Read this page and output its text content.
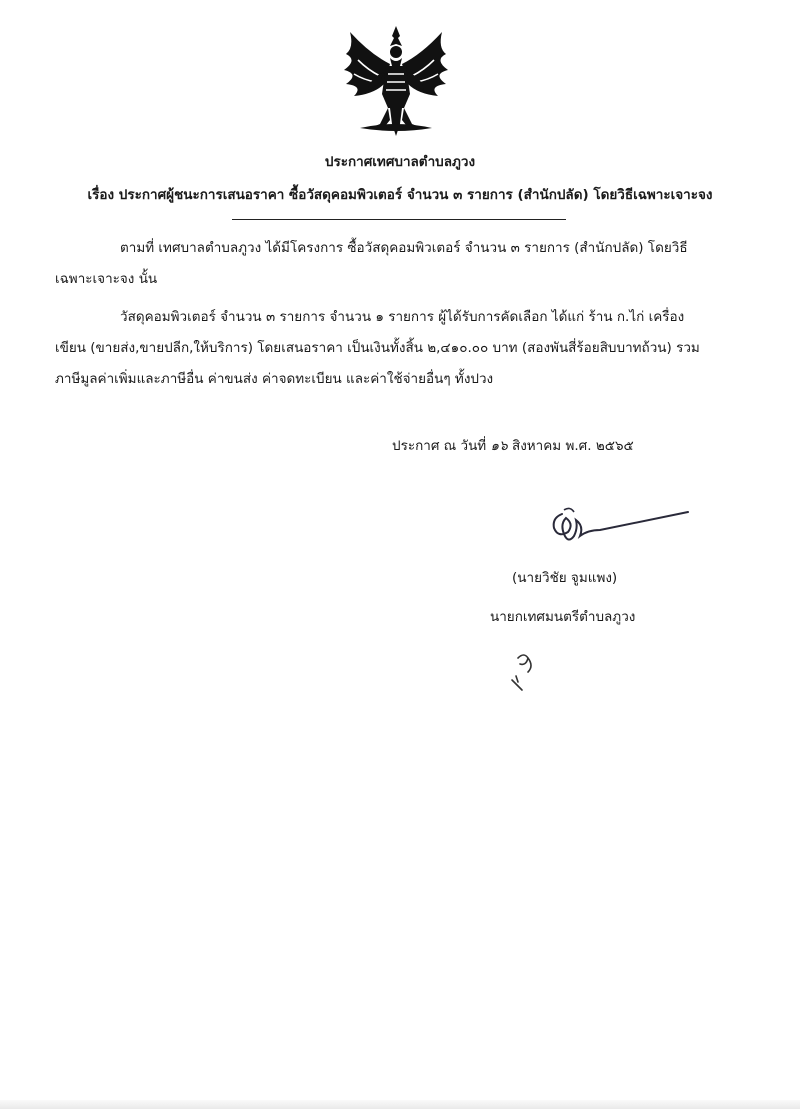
ประกาศเทศบาลตำบลภูวง
เรื่อง ประกาศผู้ชนะการเสนอราคา ซื้อวัสดุคอมพิวเตอร์ จำนวน ๓ รายการ (สำนักปลัด) โดยวิธีเฉพาะเจาะจง
ตามที่ เทศบาลตำบลภูวง ได้มีโครงการ ซื้อวัสดุคอมพิวเตอร์ จำนวน ๓ รายการ (สำนักปลัด) โดยวิธี
เฉพาะเจาะจง นั้น
วัสดุคอมพิวเตอร์ จำนวน ๓ รายการ จำนวน ๑ รายการ ผู้ได้รับการคัดเลือก ได้แก่ ร้าน ก.ไก่ เครื่อง
เขียน (ขายส่ง,ขายปลีก,ให้บริการ) โดยเสนอราคา เป็นเงินทั้งสิ้น ๒,๔๑๐.๐๐ บาท (สองพันสี่ร้อยสิบบาทถ้วน) รวม
ภาษีมูลค่าเพิ่มและภาษีอื่น ค่าขนส่ง ค่าจดทะเบียน และค่าใช้จ่ายอื่นๆ ทั้งปวง
ประกาศ ณ วันที่ ๑๖ สิงหาคม พ.ศ. ๒๕๖๕
(นายวิชัย จูมแพง)
นายกเทศมนตรีตำบลภูวง
